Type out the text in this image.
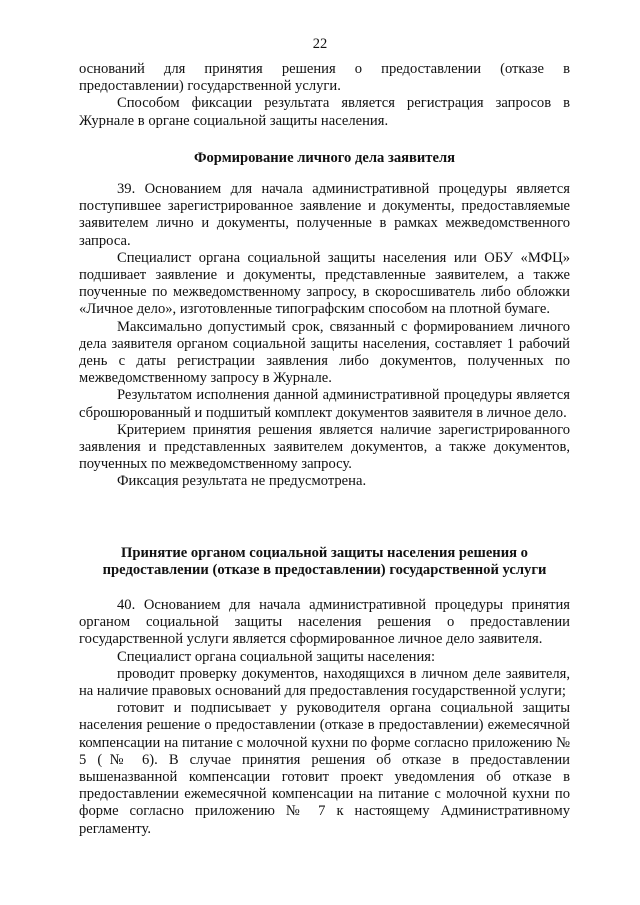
22

оснований для принятия решения о предоставлении (отказе в предоставлении) государственной услуги.

Способом фиксации результата является регистрация запросов в Журнале в органе социальной защиты населения.

Формирование личного дела заявителя

39. Основанием для начала административной процедуры является поступившее зарегистрированное заявление и документы, предоставляемые заявителем лично и документы, полученные в рамках межведомственного запроса.

Специалист органа социальной защиты населения или ОБУ «МФЦ» подшивает заявление и документы, представленные заявителем, а также поученные по межведомственному запросу, в скоросшиватель либо обложки «Личное дело», изготовленные типографским способом на плотной бумаге.

Максимально допустимый срок, связанный с формированием личного дела заявителя органом социальной защиты населения, составляет 1 рабочий день с даты регистрации заявления либо документов, полученных по межведомственному запросу в Журнале.

Результатом исполнения данной административной процедуры является сброшюрованный и подшитый комплект документов заявителя в личное дело.

Критерием принятия решения является наличие зарегистрированного заявления и представленных заявителем документов, а также документов, поученных по межведомственному запросу.

Фиксация результата не предусмотрена.

Принятие органом социальной защиты населения решения о

предоставлении (отказе в предоставлении) государственной услуги

40. Основанием для начала административной процедуры принятия органом социальной защиты населения решения о предоставлении государственной услуги является сформированное личное дело заявителя.

Специалист органа социальной защиты населения:

проводит проверку документов, находящихся в личном деле заявителя, на наличие правовых оснований для предоставления государственной услуги;

готовит и подписывает у руководителя органа социальной защиты населения решение о предоставлении (отказе в предоставлении) ежемесячной компенсации на питание с молочной кухни по форме согласно приложению № 5 (№ 6). В случае принятия решения об отказе в предоставлении вышеназванной компенсации готовит проект уведомления об отказе в предоставлении ежемесячной компенсации на питание с молочной кухни по форме согласно приложению № 7 к настоящему Административному регламенту.
